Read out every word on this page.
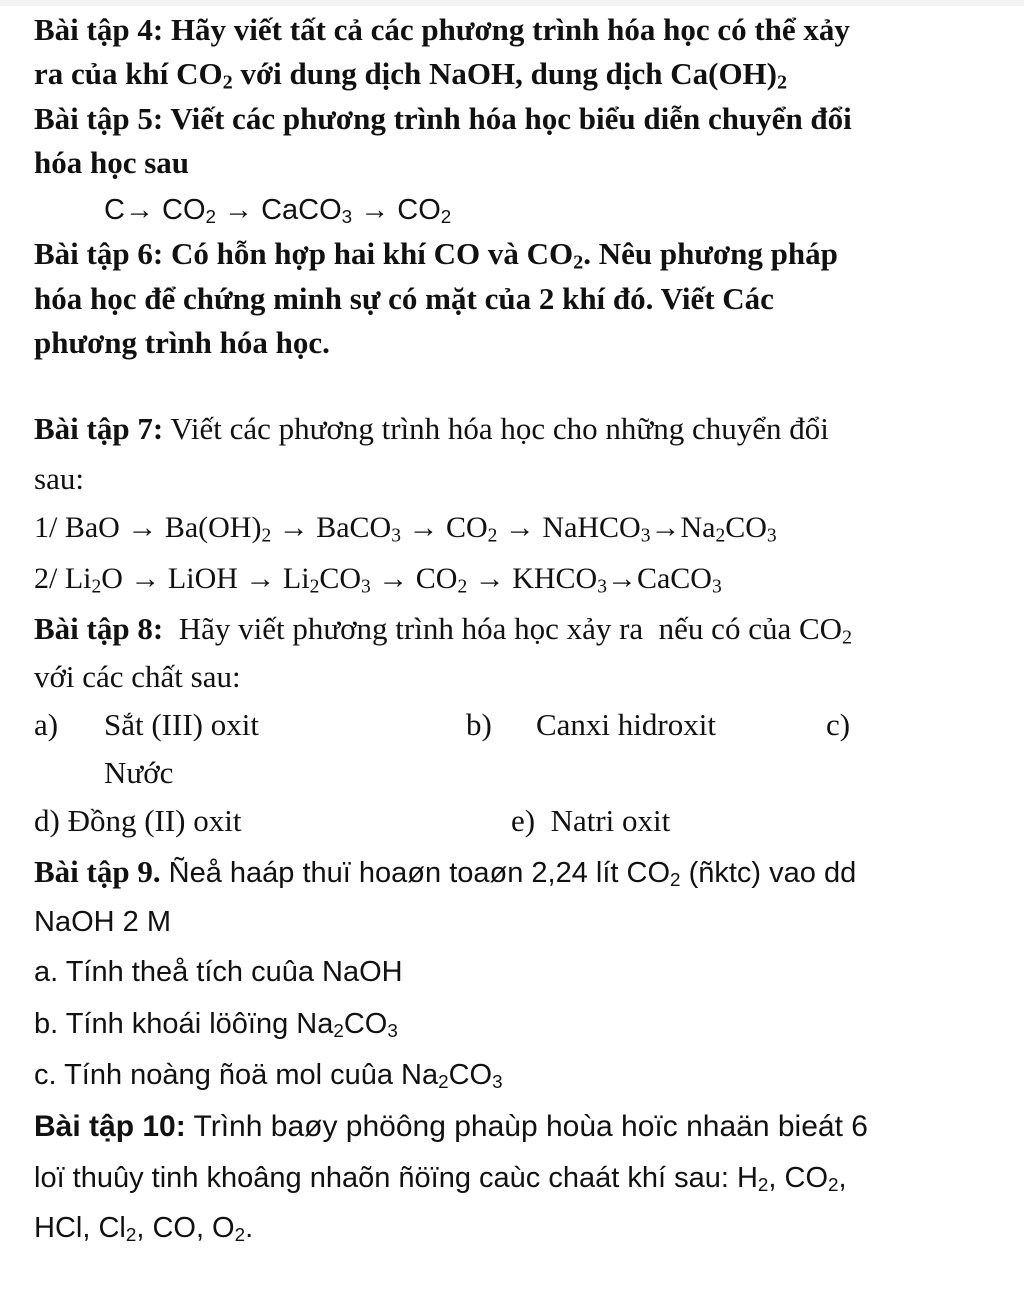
Bài tập 4: Hãy viết tất cả các phương trình hóa học có thể xảy
ra của khí $CO_2$ với dung dịch NaOH, dung dịch $Ca(OH)_2$
Bài tập 5: Viết các phương trình hóa học biểu diễn chuyển đổi
hóa học sau
$C\to CO_2$ → CaCO$_3$ → $CO_2$
Bài tập 6: Có hỗn hợp hai khí CO và $CO_2$. Nêu phương pháp
hóa học để chứng minh sự có mặt của 2 khí đó. Viết Các
phương trình hóa học.
Bài tập 7: Viết các phương trình hóa học cho những chuyển đổi
sau:
1/ BaO → $Ba(OH)_2$ → BaCO$_3$ → $CO_2$ → $NaHCO_3\to Na_2CO_3$
2/ $Li_2O$ → LiOH → $Li_2CO_3 \to CO_2$ → $KHCO_3\to CaCO_3$
Bài tập 8:  Hãy viết phương trình hóa học xảy ra  nếu có của $CO_2$
với các chất sau:
a) Sắt (III) oxit	b) Canxi hidroxit	c)
Nước
d) Đồng (II) oxit	e)  Natri oxit
Bài tập 9. Ñeå haáp thuï hoaøn toaøn 2,24 lít $CO_2$ (ñktc) vao dd
NaOH 2 M
a. Tính theå tích cuûa NaOH
b. Tính khoái löôïng $Na_2CO_3$
c. Tính noàng ñoä mol cuûa $Na_2CO_3$
Bài tập 10: Trình baøy phöông phaùp hoùa hoïc nhaän bieát 6
loï thuûy tinh khoâng nhaõn ñöïng caùc chaát khí sau: $H_2$, $CO_2$,
HCl, $Cl_2$, CO, $O_2$.
